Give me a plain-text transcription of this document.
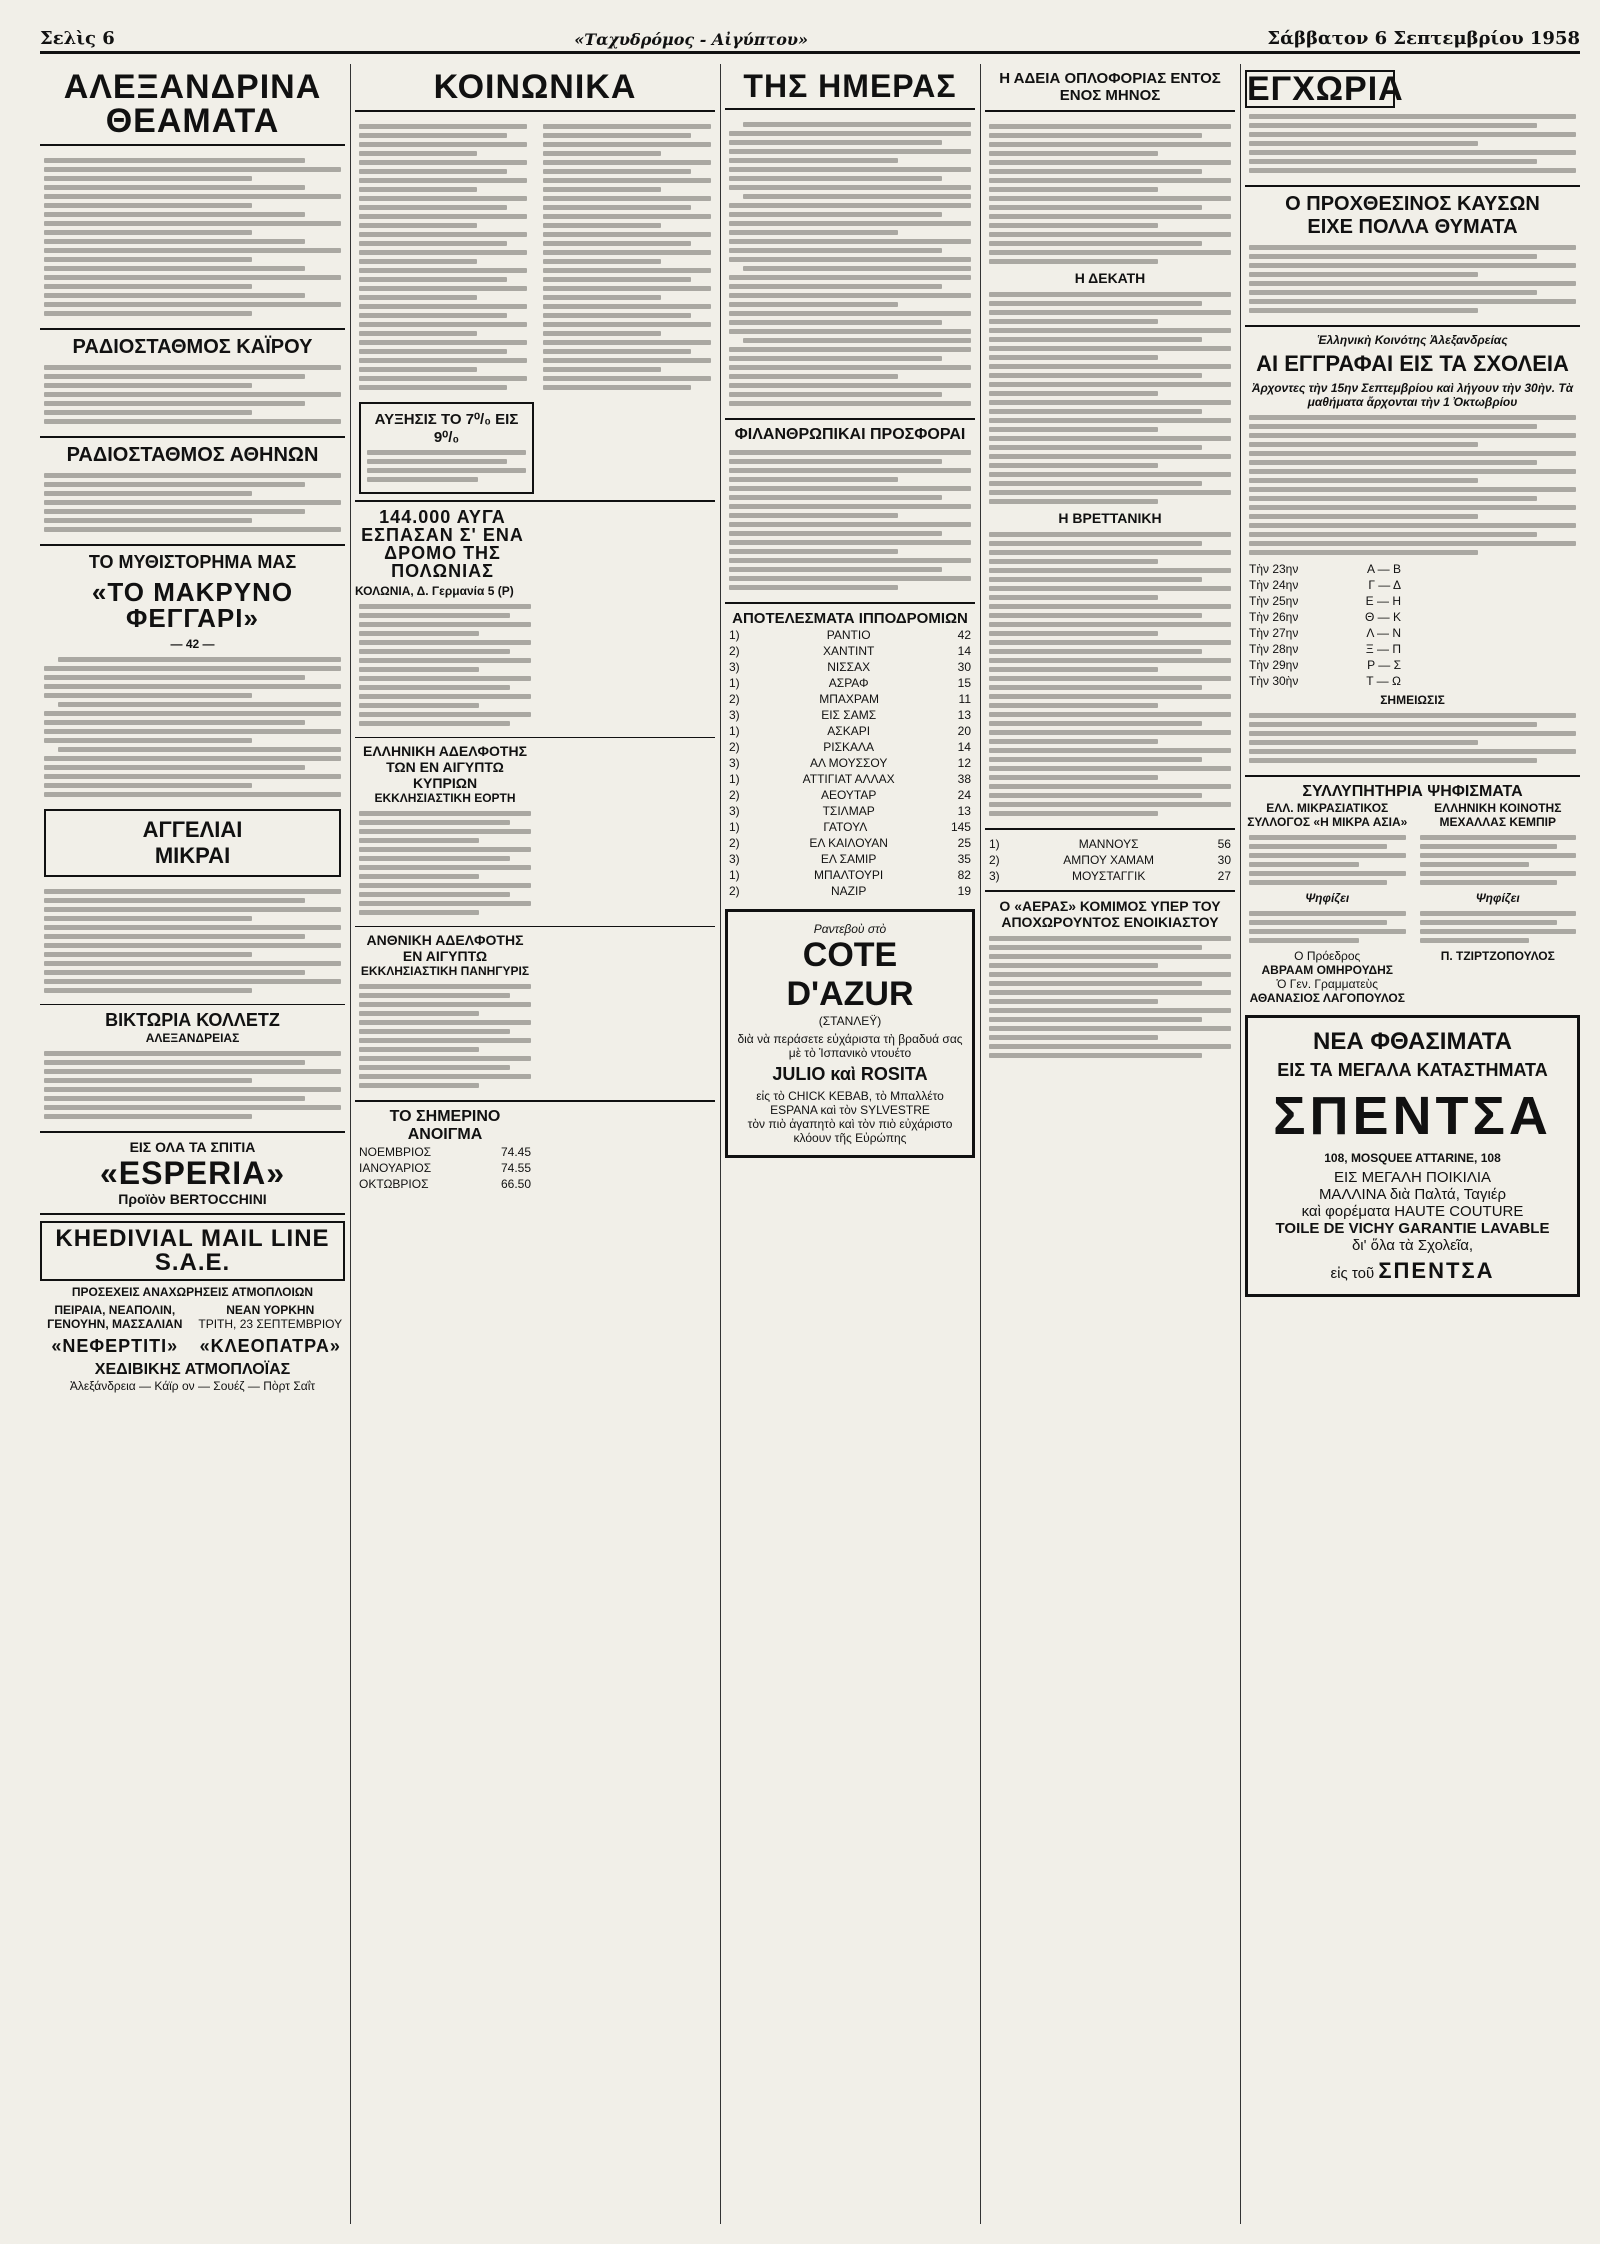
Σελὶς 6	«Ταχυδρόμος - Αἰγύπτου»	Σάββατον 6 Σεπτεμβρίου 1958
ΑΛΕΞΑΝΔΡΙΝΑ ΘΕΑΜΑΤΑ
ΡΑΔΙΟΣΤΑΘΜΟΣ ΚΑΪΡΟΥ
ΡΑΔΙΟΣΤΑΘΜΟΣ ΑΘΗΝΩΝ
ΤΟ ΜΥΘΙΣΤΟΡΗΜΑ ΜΑΣ
«ΤΟ ΜΑΚΡΥΝΟ ΦΕΓΓΑΡΙ»
— 42 —
ΑΓΓΕΛΙΑΙ
ΜΙΚΡΑΙ
ΒΙΚΤΩΡΙΑ ΚΟΛΛΕΤΖ
ΑΛΕΞΑΝΔΡΕΙΑΣ
ΕΙΣ ΟΛΑ ΤΑ ΣΠΙΤΙΑ
«ESPERIA»
Προϊὸν BERTOCCHINI
KHEDIVIAL MAIL LINE S.A.E.
ΠΡΟΣΕΧΕΙΣ ΑΝΑΧΩΡΗΣΕΙΣ ΑΤΜΟΠΛΟΙΩΝ
ΠΕΙΡΑΙΑ, ΝΕΑΠΟΛΙΝ, ΓΕΝΟΥΗΝ, ΜΑΣΣΑΛΙΑΝ
«ΝΕΦΕΡΤΙΤΙ»
ΝΕΑΝ ΥΟΡΚΗΝ
ΤΡΙΤΗ, 23 ΣΕΠΤΕΜΒΡΙΟΥ
«ΚΛΕΟΠΑΤΡΑ»
ΧΕΔΙΒΙΚΗΣ ΑΤΜΟΠΛΟΪΑΣ
Ἀλεξάνδρεια — Κάϊρ ον — Σουέζ — Πὸρτ Σαΐτ
ΚΟΙΝΩΝΙΚΑ
ΑΥΞΗΣΙΣ ΤΟ 7⁰/₀ ΕΙΣ 9⁰/₀
144.000 ΑΥΓΑ ΕΣΠΑΣΑΝ Σ' ΕΝΑ ΔΡΟΜΟ ΤΗΣ ΠΟΛΩΝΙΑΣ
ΚΟΛΩΝΙΑ, Δ. Γερμανία 5 (Ρ)
ΕΛΛΗΝΙΚΗ ΑΔΕΛΦΟΤΗΣ ΤΩΝ ΕΝ ΑΙΓΥΠΤΩ ΚΥΠΡΙΩΝ
ΕΚΚΛΗΣΙΑΣΤΙΚΗ ΕΟΡΤΗ
ΑΝΘΝΙΚΗ ΑΔΕΛΦΟΤΗΣ ΕΝ ΑΙΓΥΠΤΩ
ΕΚΚΛΗΣΙΑΣΤΙΚΗ ΠΑΝΗΓΥΡΙΣ
ΤΟ ΣΗΜΕΡΙΝΟ ΑΝΟΙΓΜΑ
ΝΟΕΜΒΡΙΟΣ	74.45
ΙΑΝΟΥΑΡΙΟΣ	74.55
ΟΚΤΩΒΡΙΟΣ	66.50
ΤΗΣ ΗΜΕΡΑΣ
ΦΙΛΑΝΘΡΩΠΙΚΑΙ ΠΡΟΣΦΟΡΑΙ
ΑΠΟΤΕΛΕΣΜΑΤΑ ΙΠΠΟΔΡΟΜΙΩΝ
1)	ΡΑΝΤΙΟ	42
2)	ΧΑΝΤΙΝΤ	14
3)	ΝΙΣΣΑΧ	30
1)	ΑΣΡΑΦ	15
2)	ΜΠΑΧΡΑΜ	11
3)	ΕΙΣ ΣΑΜΣ	13
1)	ΑΣΚΑΡΙ	20
2)	ΡΙΣΚΑΛΑ	14
3)	ΑΛ ΜΟΥΣΣΟΥ	12
1)	ΑΤΤΙΓΙΑΤ ΑΛΛΑΧ	38
2)	ΑΕΟΥΤΑΡ	24
3)	ΤΣΙΛΜΑΡ	13
1)	ΓΑΤΟΥΛ	145
2)	ΕΛ ΚΑΙΛΟΥΑΝ	25
3)	ΕΛ ΣΑΜΙΡ	35
1)	ΜΠΑΛΤΟΥΡΙ	82
2)	ΝΑΖΙΡ	19
Ραντεβοὺ στὸ
COTE D'AZUR
(ΣΤΑΝΛΕΫ)
διὰ νὰ περάσετε εὐχάριστα τὴ βραδυά σας μὲ τὸ Ἱσπανικὸ ντουέτο
JULIO καὶ ROSITA
εἰς τὸ CHICK KEBAB, τὸ Μπαλλέτο ESPANA καὶ τὸν SYLVESTRE
τὸν πιὸ ἀγαπητὸ καὶ τὸν πιὸ εὐχάριστο κλόουν τῆς Εὐρώπης
Η ΑΔΕΙΑ ΟΠΛΟΦΟΡΙΑΣ ΕΝΤΟΣ ΕΝΟΣ ΜΗΝΟΣ
Η ΔΕΚΑΤΗ
Η ΒΡΕΤΤΑΝΙΚΗ
1)	ΜΑΝΝΟΥΣ	56
2)	ΑΜΠΟΥ ΧΑΜΑΜ	30
3)	ΜΟΥΣΤΑΓΓΙΚ	27
Ο «ΑΕΡΑΣ» ΚΟΜΙΜΟΣ ΥΠΕΡ ΤΟΥ ΑΠΟΧΩΡΟΥΝΤΟΣ ΕΝΟΙΚΙΑΣΤΟΥ
ΕΓΧΩΡΙΑ
Ο ΠΡΟΧΘΕΣΙΝΟΣ ΚΑΥΣΩΝ
ΕΙΧΕ ΠΟΛΛΑ ΘΥΜΑΤΑ
Ἑλληνικὴ Κοινότης Ἀλεξανδρείας
ΑΙ ΕΓΓΡΑΦΑΙ ΕΙΣ ΤΑ ΣΧΟΛΕΙΑ
Ἀρχοντες τὴν 15ην Σεπτεμβρίου καὶ λήγουν τὴν 30ὴν. Τὰ μαθήματα ἄρχονται τὴν 1 Ὀκτωβρίου
Τὴν 23ην	Α — Β
Τὴν 24ην	Γ — Δ
Τὴν 25ην	Ε — Η
Τὴν 26ην	Θ — Κ
Τὴν 27ην	Λ — Ν
Τὴν 28ην	Ξ — Π
Τὴν 29ην	Ρ — Σ
Τὴν 30ὴν	Τ — Ω
ΣΗΜΕΙΩΣΙΣ
ΣΥΛΛΥΠΗΤΗΡΙΑ ΨΗΦΙΣΜΑΤΑ
ΕΛΛ. ΜΙΚΡΑΣΙΑΤΙΚΟΣ ΣΥΛΛΟΓΟΣ «Η ΜΙΚΡΑ ΑΣΙΑ»
Ψηφίζει
Ο Πρόεδρος
ΑΒΡΑΑΜ ΟΜΗΡΟΥΔΗΣ
Ὁ Γεν. Γραμματεὺς
ΑΘΑΝΑΣΙΟΣ ΛΑΓΟΠΟΥΛΟΣ
ΕΛΛΗΝΙΚΗ ΚΟΙΝΟΤΗΣ ΜΕΧΑΛΛΑΣ ΚΕΜΠΙΡ
Ψηφίζει
Π. ΤΖΙΡΤΖΟΠΟΥΛΟΣ
ΝΕΑ ΦΘΑΣΙΜΑΤΑ
ΕΙΣ ΤΑ ΜΕΓΑΛΑ ΚΑΤΑΣΤΗΜΑΤΑ
ΣΠΕΝΤΣΑ
108, MOSQUEE ATTARINE, 108
ΕΙΣ ΜΕΓΑΛΗ ΠΟΙΚΙΛΙΑ
ΜΑΛΛΙΝΑ διὰ Παλτά, Ταγιέρ
καὶ φορέματα HAUTE COUTURE
TOILE DE VICHY GARANTIE LAVABLE
δι' ὅλα τὰ Σχολεῖα,
εἰς τοῦ ΣΠΕΝΤΣΑ
